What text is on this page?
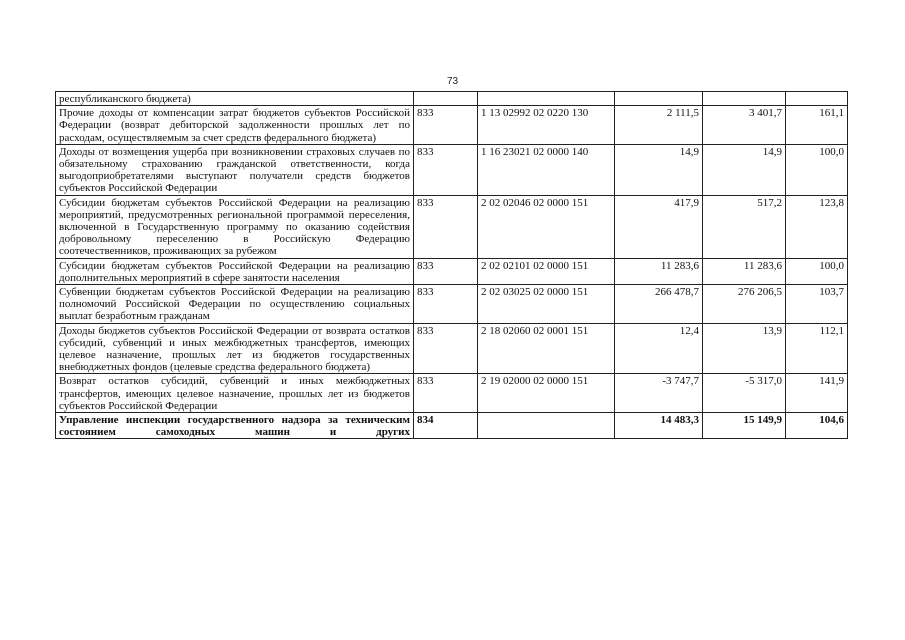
73
республиканского бюджета)					
Прочие доходы от компенсации затрат бюджетов субъектов Российской Федерации (возврат дебиторской задолженности прошлых лет по расходам, осуществляемым за счет средств федерального бюджета)	833	1 13 02992 02 0220 130	2 111,5	3 401,7	161,1
Доходы от возмещения ущерба при возникновении страховых случаев по обязательному страхованию гражданской ответственности, когда выгодоприобретателями выступают получатели средств бюджетов субъектов Российской Федерации	833	1 16 23021 02 0000 140	14,9	14,9	100,0
Субсидии бюджетам субъектов Российской Федерации на реализацию мероприятий, предусмотренных региональной программой переселения, включенной в Государственную программу по оказанию содействия добровольному переселению в Российскую Федерацию соотечественников, проживающих за рубежом	833	2 02 02046 02 0000 151	417,9	517,2	123,8
Субсидии бюджетам субъектов Российской Федерации на реализацию дополнительных мероприятий в сфере занятости населения	833	2 02 02101 02 0000 151	11 283,6	11 283,6	100,0
Субвенции бюджетам субъектов Российской Федерации на реализацию полномочий Российской Федерации по осуществлению социальных выплат безработным гражданам	833	2 02 03025 02 0000 151	266 478,7	276 206,5	103,7
Доходы бюджетов субъектов Российской Федерации от возврата остатков субсидий, субвенций и иных межбюджетных трансфертов, имеющих целевое назначение, прошлых лет из бюджетов государственных внебюджетных фондов (целевые средства федерального бюджета)	833	2 18 02060 02 0001 151	12,4	13,9	112,1
Возврат остатков субсидий, субвенций и иных межбюджетных трансфертов, имеющих целевое назначение, прошлых лет из бюджетов субъектов Российской Федерации	833	2 19 02000 02 0000 151	-3 747,7	-5 317,0	141,9
Управление инспекции государственного надзора за техническим состоянием самоходных машин и других	834		14 483,3	15 149,9	104,6
